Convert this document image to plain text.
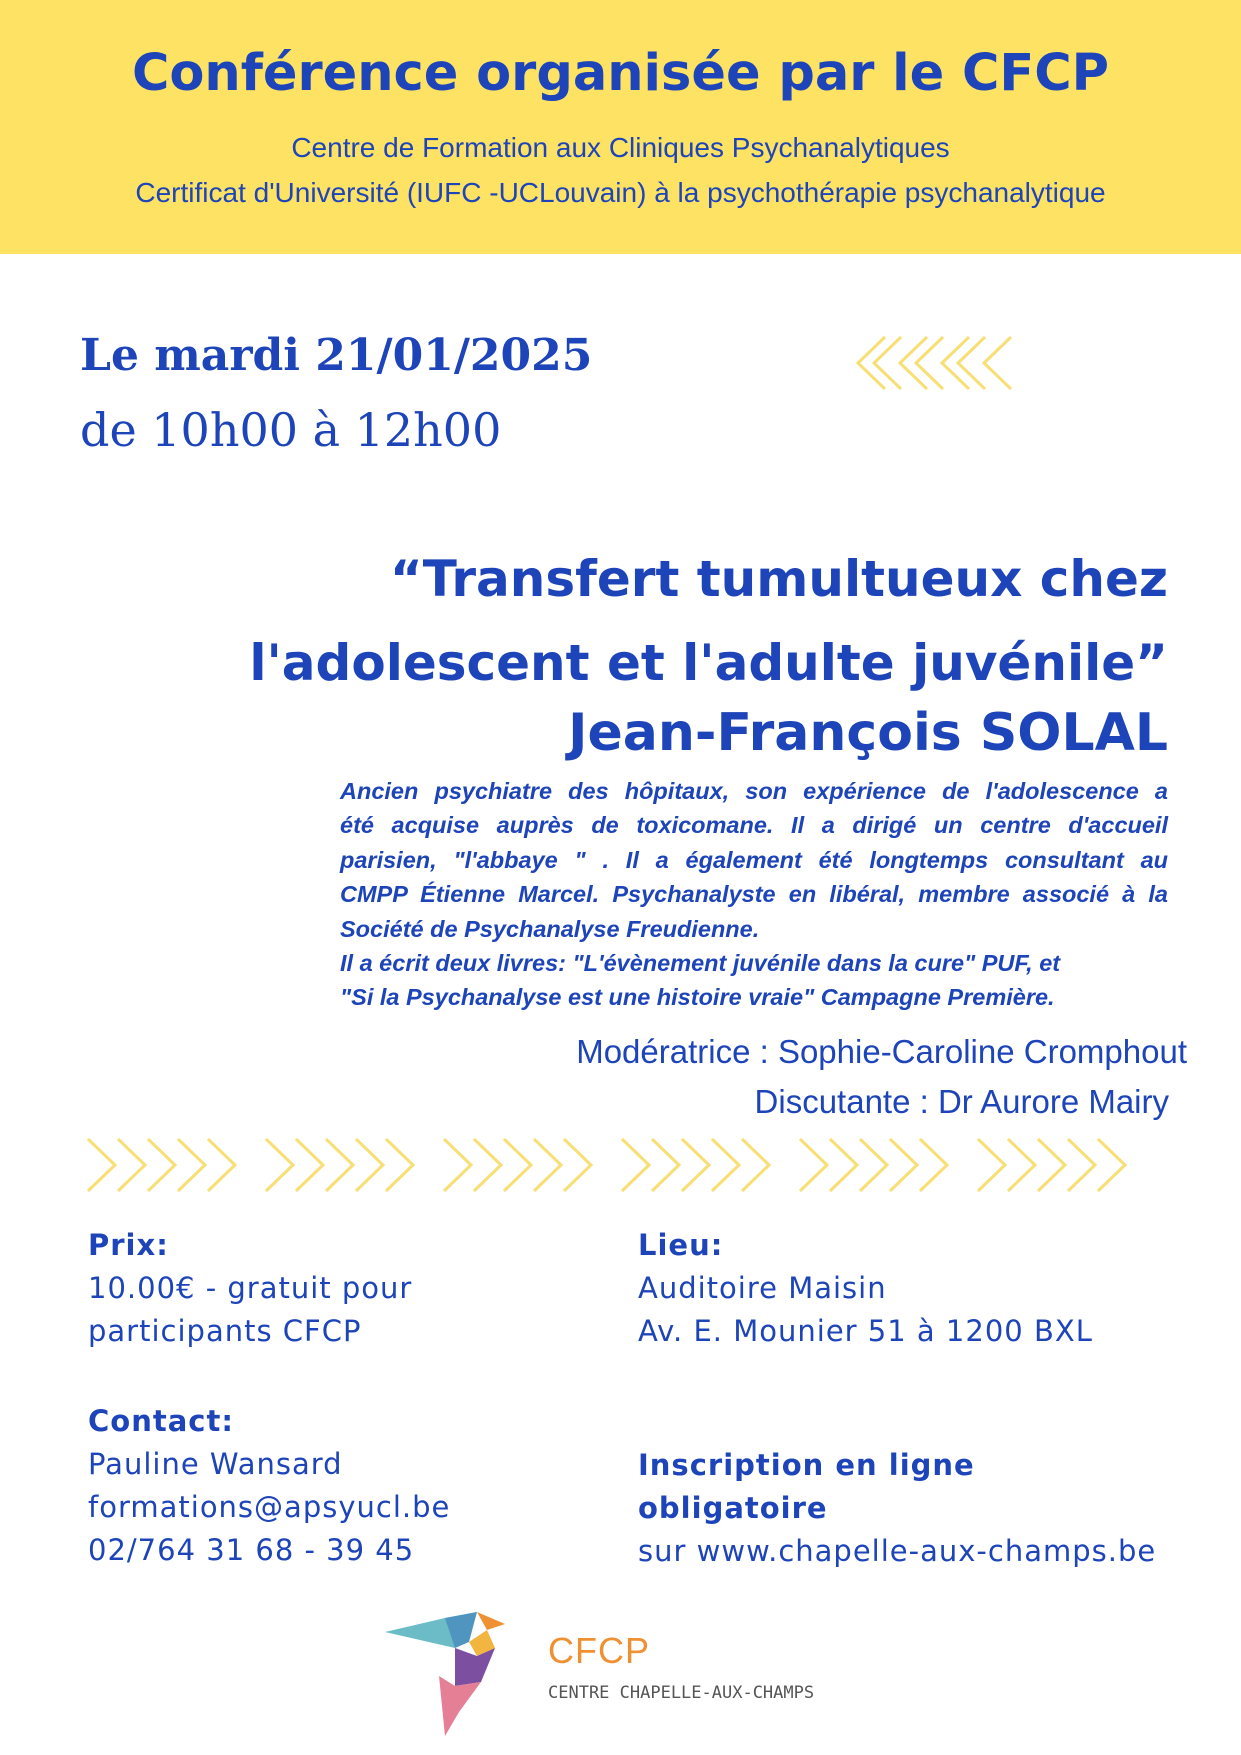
Conférence organisée par le CFCP
Centre de Formation aux Cliniques Psychanalytiques
Certificat d'Université (IUFC -UCLouvain) à la psychothérapie psychanalytique
Le mardi 21/01/2025
de 10h00 à 12h00
“Transfert tumultueux chez
l'adolescent et l'adulte juvénile”
Jean-François SOLAL
Ancien psychiatre des hôpitaux, son expérience de l'adolescence a
été acquise auprès de toxicomane. Il a dirigé un centre d'accueil
parisien, "l'abbaye " . Il a également été longtemps consultant au
CMPP Étienne Marcel. Psychanalyste en libéral, membre associé à la
Société de Psychanalyse Freudienne.
Il a écrit deux livres: "L'évènement juvénile dans la cure" PUF, et
"Si la Psychanalyse est une histoire vraie" Campagne Première.
Modératrice : Sophie-Caroline Cromphout
Discutante : Dr Aurore Mairy
Prix:
10.00€ - gratuit pour
participants CFCP
Lieu:
Auditoire Maisin
Av. E. Mounier 51 à 1200 BXL
Contact:
Pauline Wansard
formations@apsyucl.be
02/764 31 68 - 39 45
Inscription en ligne
obligatoire
sur www.chapelle-aux-champs.be
CFCP
CENTRE CHAPELLE-AUX-CHAMPS
